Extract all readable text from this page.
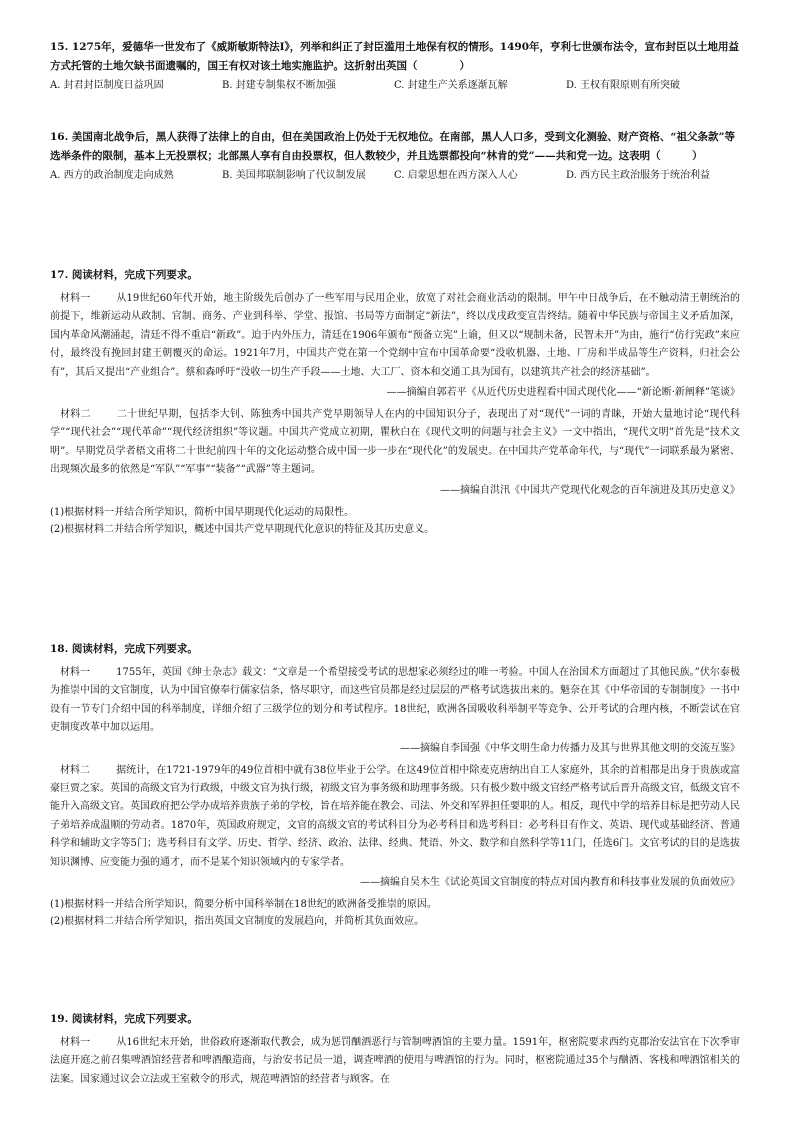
15. 1275年，爱德华一世发布了《威斯敏斯特法Ⅰ》，列举和纠正了封臣滥用土地保有权的情形。1490年，亨利七世颁布法令，宣布封臣以土地用益方式托管的土地欠缺书面遗嘱的，国王有权对该土地实施监护。这折射出英国（　　　　）
A. 封君封臣制度日益巩固	B. 封建专制集权不断加强	C. 封建生产关系逐渐瓦解	D. 王权有限原则有所突破
16. 美国南北战争后，黑人获得了法律上的自由，但在美国政治上仍处于无权地位。在南部，黑人人口多，受到文化测验、财产资格、“祖父条款”等选举条件的限制，基本上无投票权；北部黑人享有自由投票权，但人数较少，并且选票都投向“林肯的党”——共和党一边。这表明（　　　）
A. 西方的政治制度走向成熟	B. 美国邦联制影响了代议制发展	C. 启蒙思想在西方深入人心	D. 西方民主政治服务于统治利益
17. 阅读材料，完成下列要求。
材料一	从19世纪60年代开始，地主阶级先后创办了一些军用与民用企业，放宽了对社会商业活动的限制。甲午中日战争后，在不触动清王朝统治的前提下，维新运动从政制、官制、商务、产业到科举、学堂、报馆、书局等方面制定“新法”，终以戊戌政变宣告终结。随着中华民族与帝国主义矛盾加深，国内革命风潮涌起，清廷不得不重启“新政”。迫于内外压力，清廷在1906年颁布“预备立宪”上谕，但又以“规制未备，民智未开”为由，施行“仿行宪政”来应付，最终没有挽回封建王朝覆灭的命运。1921年7月，中国共产党在第一个党纲中宣布中国革命要“没收机器、土地、厂房和半成品等生产资料，归社会公有”，其后又提出“产业组合”。蔡和森呼吁“没收一切生产手段——土地、大工厂、资本和交通工具为国有，以建筑共产社会的经济基础”。
——摘编自郭若平《从近代历史进程看中国式现代化——“新论断·新阐释”笔谈》
材料二	二十世纪早期，包括李大钊、陈独秀中国共产党早期领导人在内的中国知识分子，表现出了对“现代”一词的青睐，开始大量地讨论“现代科学”“现代社会”“现代革命”“现代经济组织”等议题。中国共产党成立初期，瞿秋白在《现代文明的问题与社会主义》一文中指出，“现代文明”首先是“技术文明”。早期党员学者梧文甫将二十世纪前四十年的文化运动整合成中国一步一步在“现代化”的发展史。在中国共产党革命年代，与“现代”一词联系最为紧密、出现频次最多的依然是“军队”“军事”“装备”“武器”等主题词。
——摘编自洪汛《中国共产党现代化观念的百年演进及其历史意义》
(1)根据材料一并结合所学知识，简析中国早期现代化运动的局限性。
(2)根据材料二并结合所学知识，概述中国共产党早期现代化意识的特征及其历史意义。
18. 阅读材料，完成下列要求。
材料一	1755年，英国《绅士杂志》载文：“文章是一个希望接受考试的思想家必须经过的唯一考验。中国人在治国术方面超过了其他民族。”伏尔泰极为推崇中国的文官制度，认为中国官僚奉行儒家信条，恪尽职守，而这些官员都是经过层层的严格考试选拔出来的。魁奈在其《中华帝国的专制制度》一书中设有一节专门介绍中国的科举制度，详细介绍了三级学位的划分和考试程序。18世纪，欧洲各国吸收科举制平等竞争、公开考试的合理内核，不断尝试在官吏制度改革中加以运用。
——摘编自李国强《中华文明生命力传播力及其与世界其他文明的交流互鉴》
材料二	据统计，在1721-1979年的49位首相中就有38位毕业于公学。在这49位首相中除麦克唐纳出自工人家庭外，其余的首相都是出身于贵族或富豪巨贾之家。英国的高级文官为行政级，中级文官为执行级，初级文官为事务级和助理事务级。只有极少数中级文官经严格考试后晋升高级文官，低级文官不能升入高级文官。英国政府把公学办成培养贵族子弟的学校，旨在培养能在教会、司法、外交和军界担任要职的人。相反，现代中学的培养目标是把劳动人民子弟培养成温顺的劳动者。1870年，英国政府规定，文官的高级文官的考试科目分为必考科目和选考科目：必考科目有作文、英语、现代或基础经济、普通科学和辅助文字等5门；选考科目有文学、历史、哲学、经济、政治、法律、经典、梵语、外文、数学和自然科学等11门，任选6门。文官考试的目的是选拔知识渊博、应变能力强的通才，而不是某个知识领域内的专家学者。
——摘编自吴木生《试论英国文官制度的特点对国内教育和科技事业发展的负面效应》
(1)根据材料一并结合所学知识，简要分析中国科举制在18世纪的欧洲备受推崇的原因。
(2)根据材料二并结合所学知识，指出英国文官制度的发展趋向，并简析其负面效应。
19. 阅读材料，完成下列要求。
材料一	从16世纪末开始，世俗政府逐渐取代教会，成为惩罚酗酒恶行与管制啤酒馆的主要力量。1591年，枢密院要求西约克郡治安法官在下次季审法庭开庭之前召集啤酒馆经营者和啤酒酿造商，与治安书记员一道，调查啤酒的使用与啤酒馆的行为。同时，枢密院通过35个与酗酒、客栈和啤酒馆相关的法案。国家通过议会立法或王室敕令的形式，规范啤酒馆的经营者与顾客。在
